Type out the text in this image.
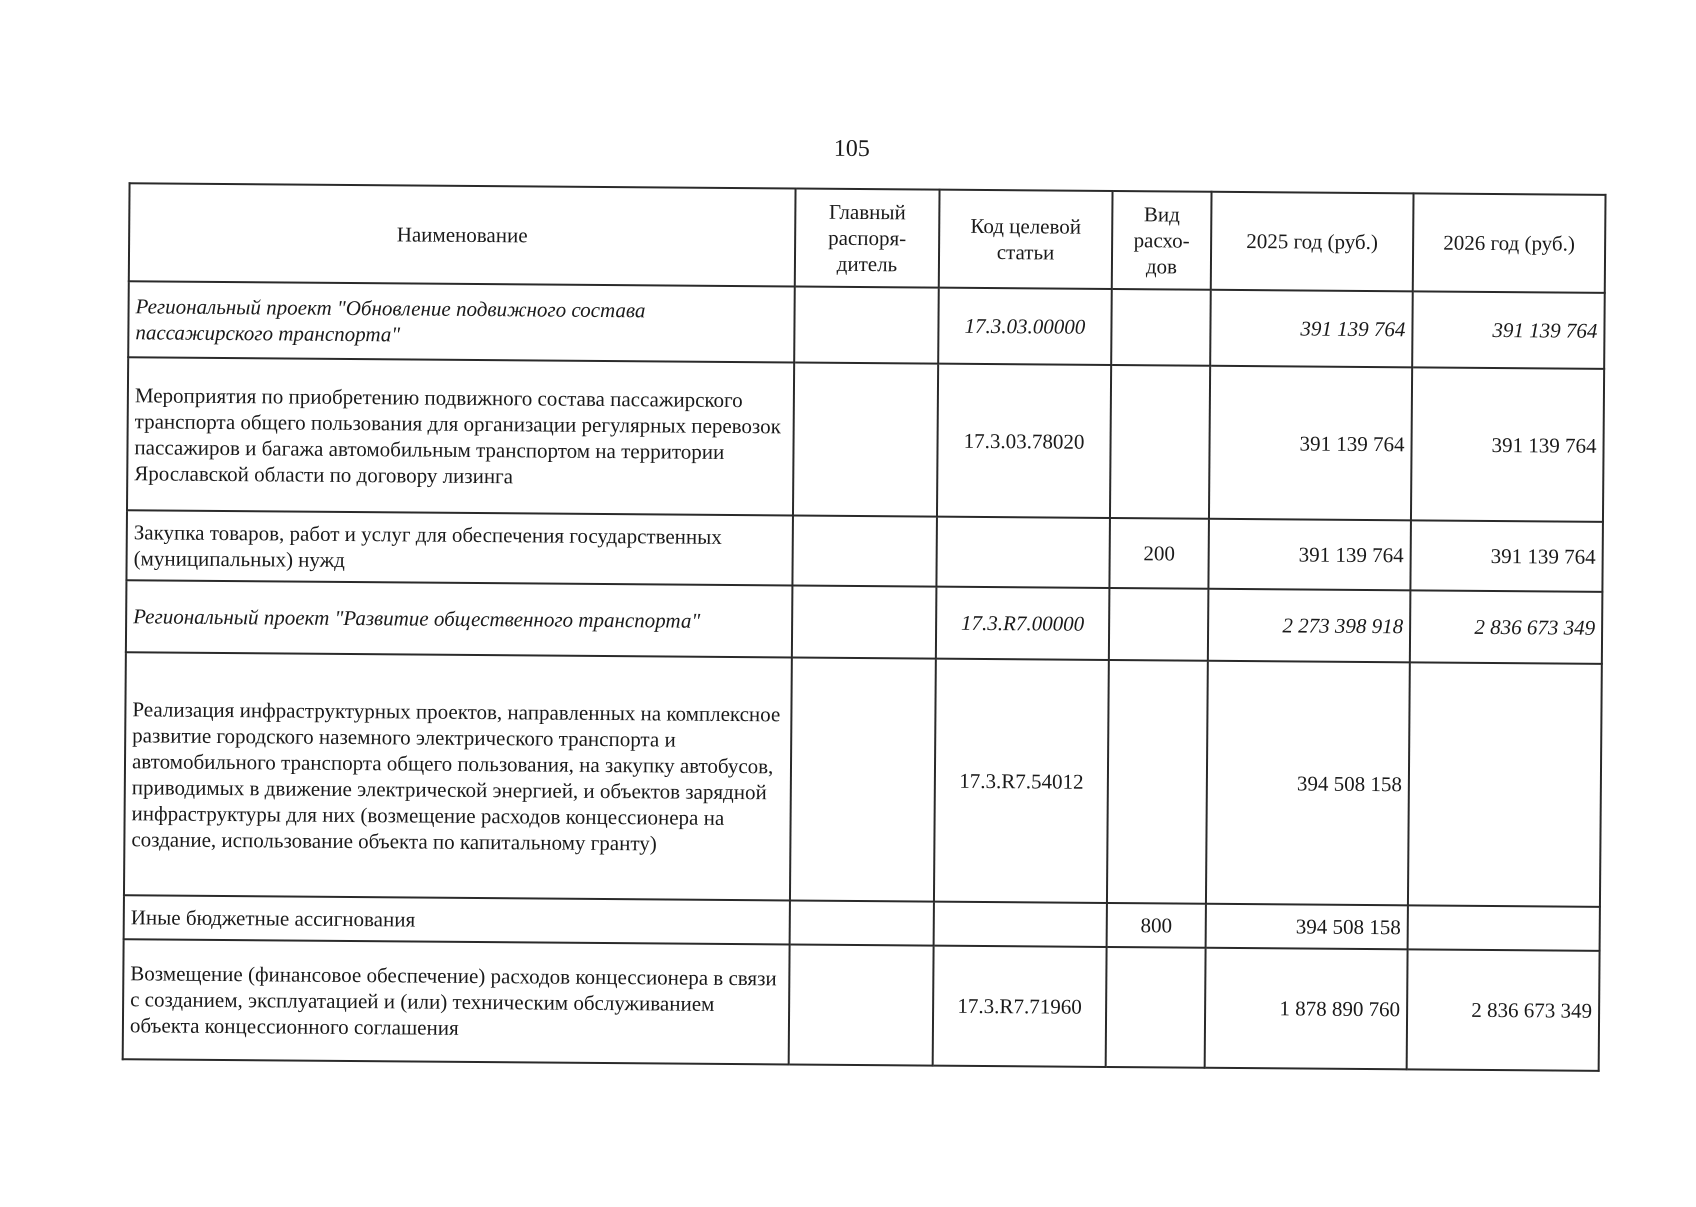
105
Наименование	Главный распоря-дитель	Код целевой статьи	Вид расхо-дов	2025 год (руб.)	2026 год (руб.)
Региональный проект "Обновление подвижного состава пассажирского транспорта"		17.3.03.00000		391 139 764	391 139 764
Мероприятия по приобретению подвижного состава пассажирского транспорта общего пользования для организации регулярных перевозок пассажиров и багажа автомобильным транспортом на территории Ярославской области по договору лизинга		17.3.03.78020		391 139 764	391 139 764
Закупка товаров, работ и услуг для обеспечения государственных (муниципальных) нужд			200	391 139 764	391 139 764
Региональный проект "Развитие общественного транспорта"		17.3.R7.00000		2 273 398 918	2 836 673 349
Реализация инфраструктурных проектов, направленных на комплексное развитие городского наземного электрического транспорта и автомобильного транспорта общего пользования, на закупку автобусов, приводимых в движение электрической энергией, и объектов зарядной инфраструктуры для них (возмещение расходов концессионера на создание, использование объекта по капитальному гранту)		17.3.R7.54012		394 508 158	
Иные бюджетные ассигнования			800	394 508 158	
Возмещение (финансовое обеспечение) расходов концессионера в связи с созданием, эксплуатацией и (или) техническим обслуживанием объекта концессионного соглашения		17.3.R7.71960		1 878 890 760	2 836 673 349
